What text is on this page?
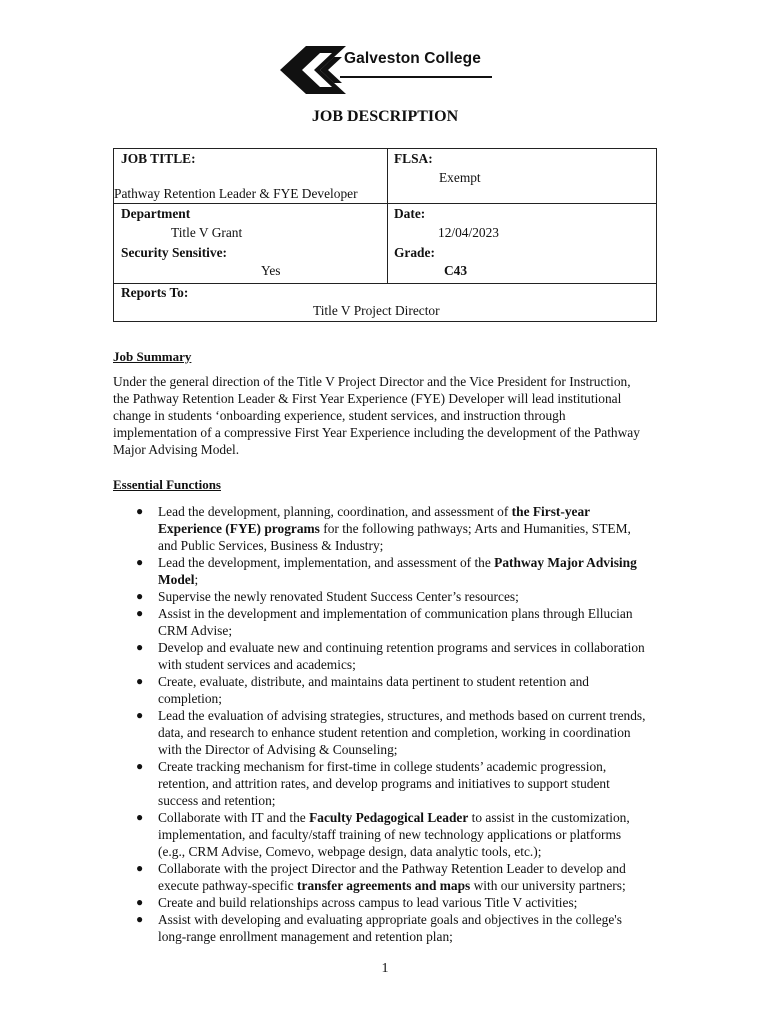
Galveston College
JOB DESCRIPTION
JOB TITLE:
Pathway Retention Leader & FYE Developer
FLSA:
Exempt
Department
Title V Grant
Date:
12/04/2023
Security Sensitive:
Yes
Grade:
C43
Reports To:
Title V Project Director
Job Summary
Under the general direction of the Title V Project Director and the Vice President for Instruction,
the Pathway Retention Leader & First Year Experience (FYE) Developer will lead institutional
change in students ‘onboarding experience, student services, and instruction through
implementation of a compressive First Year Experience including the development of the Pathway
Major Advising Model.
Essential Functions
● Lead the development, planning, coordination, and assessment of the First-year
Experience (FYE) programs for the following pathways; Arts and Humanities, STEM,
and Public Services, Business & Industry;
● Lead the development, implementation, and assessment of the Pathway Major Advising
Model;
● Supervise the newly renovated Student Success Center’s resources;
● Assist in the development and implementation of communication plans through Ellucian
CRM Advise;
● Develop and evaluate new and continuing retention programs and services in collaboration
with student services and academics;
● Create, evaluate, distribute, and maintains data pertinent to student retention and
completion;
● Lead the evaluation of advising strategies, structures, and methods based on current trends,
data, and research to enhance student retention and completion, working in coordination
with the Director of Advising & Counseling;
● Create tracking mechanism for first-time in college students’ academic progression,
retention, and attrition rates, and develop programs and initiatives to support student
success and retention;
● Collaborate with IT and the Faculty Pedagogical Leader to assist in the customization,
implementation, and faculty/staff training of new technology applications or platforms
(e.g., CRM Advise, Comevo, webpage design, data analytic tools, etc.);
● Collaborate with the project Director and the Pathway Retention Leader to develop and
execute pathway-specific transfer agreements and maps with our university partners;
● Create and build relationships across campus to lead various Title V activities;
● Assist with developing and evaluating appropriate goals and objectives in the college's
long-range enrollment management and retention plan;
1
